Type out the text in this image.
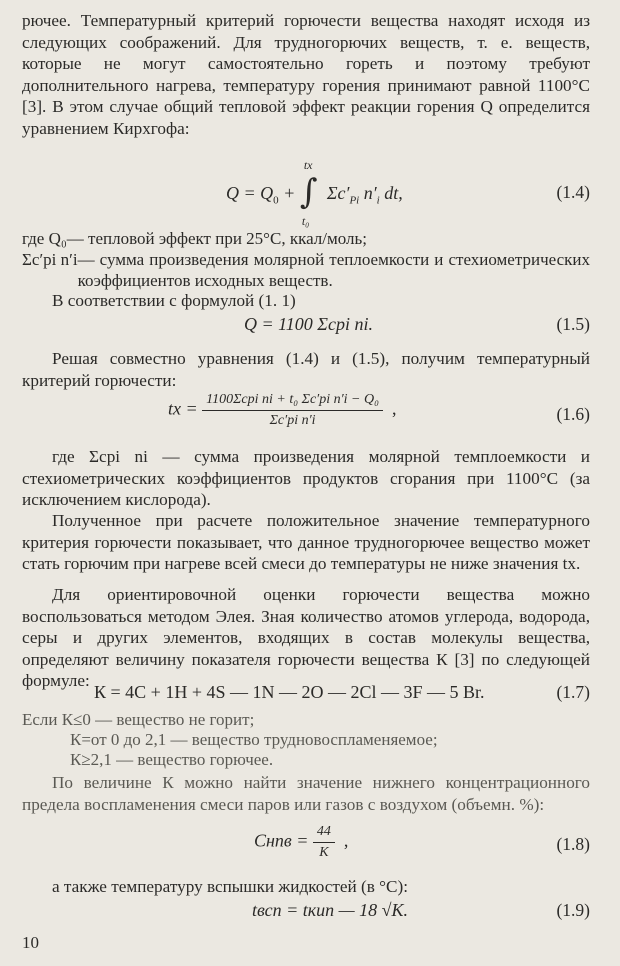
рючее. Температурный критерий горючести вещества находят исходя из следующих соображений. Для трудногорючих веществ, т. е. веществ, которые не могут самостоятельно гореть и поэтому требуют дополнительного нагрева, температуру горения принимают равной 1100°C [3]. В этом случае общий тепловой эффект реакции горения Q определится уравнением Кирхгофа:

$Q = Q_0$ + ∫
tx
t₀
$\Sigma c'_{Pi}$ $n'_i$ dt,	(1.4)
где Q₀ — тепловой эффект при 25°C, ккал/моль;
Σc′pi n′i — сумма произведения молярной теплоемкости и стехиометрических коэффициентов исходных веществ.

В соответствии с формулой (1. 1)

Q = 1100 Σcpi ni.	(1.5)

Решая совместно уравнения (1.4) и (1.5), получим температурный критерий горючести:

tx = $\frac{\text{1100Σcpi ni + t₀ Σc′pi n′i − Q₀}}{\text{Σc′pi n′i}}$ ,	(1.6)

где Σcpi ni — сумма произведения молярной темплоемкости и стехиометрических коэффициентов продуктов сгорания при 1100°C (за исключением кислорода).

Полученное при расчете положительное значение температурного критерия горючести показывает, что данное трудногорючее вещество может стать горючим при нагреве всей смеси до температуры не ниже значения tx.

Для ориентировочной оценки горючести вещества можно воспользоваться методом Элея. Зная количество атомов углерода, водорода, серы и других элементов, входящих в состав молекулы вещества, определяют величину показателя горючести вещества К [3] по следующей формуле:

К = 4C + 1H + 4S — 1N — 2O — 2Cl — 3F — 5 Br.	(1.7)
Если К≤0 — вещество не горит;
К=от 0 до 2,1 — вещество трудновоспламеняемое;
К≥2,1 — вещество горючее.

По величине К можно найти значение нижнего концентрационного предела воспламенения смеси паров или газов с воздухом (объемн. %):

Cнпв = $\frac{44}{К}$ ,	(1.8)

а также температуру вспышки жидкостей (в °C):

tвсп = tкип — 18 √К.	(1.9)
10
